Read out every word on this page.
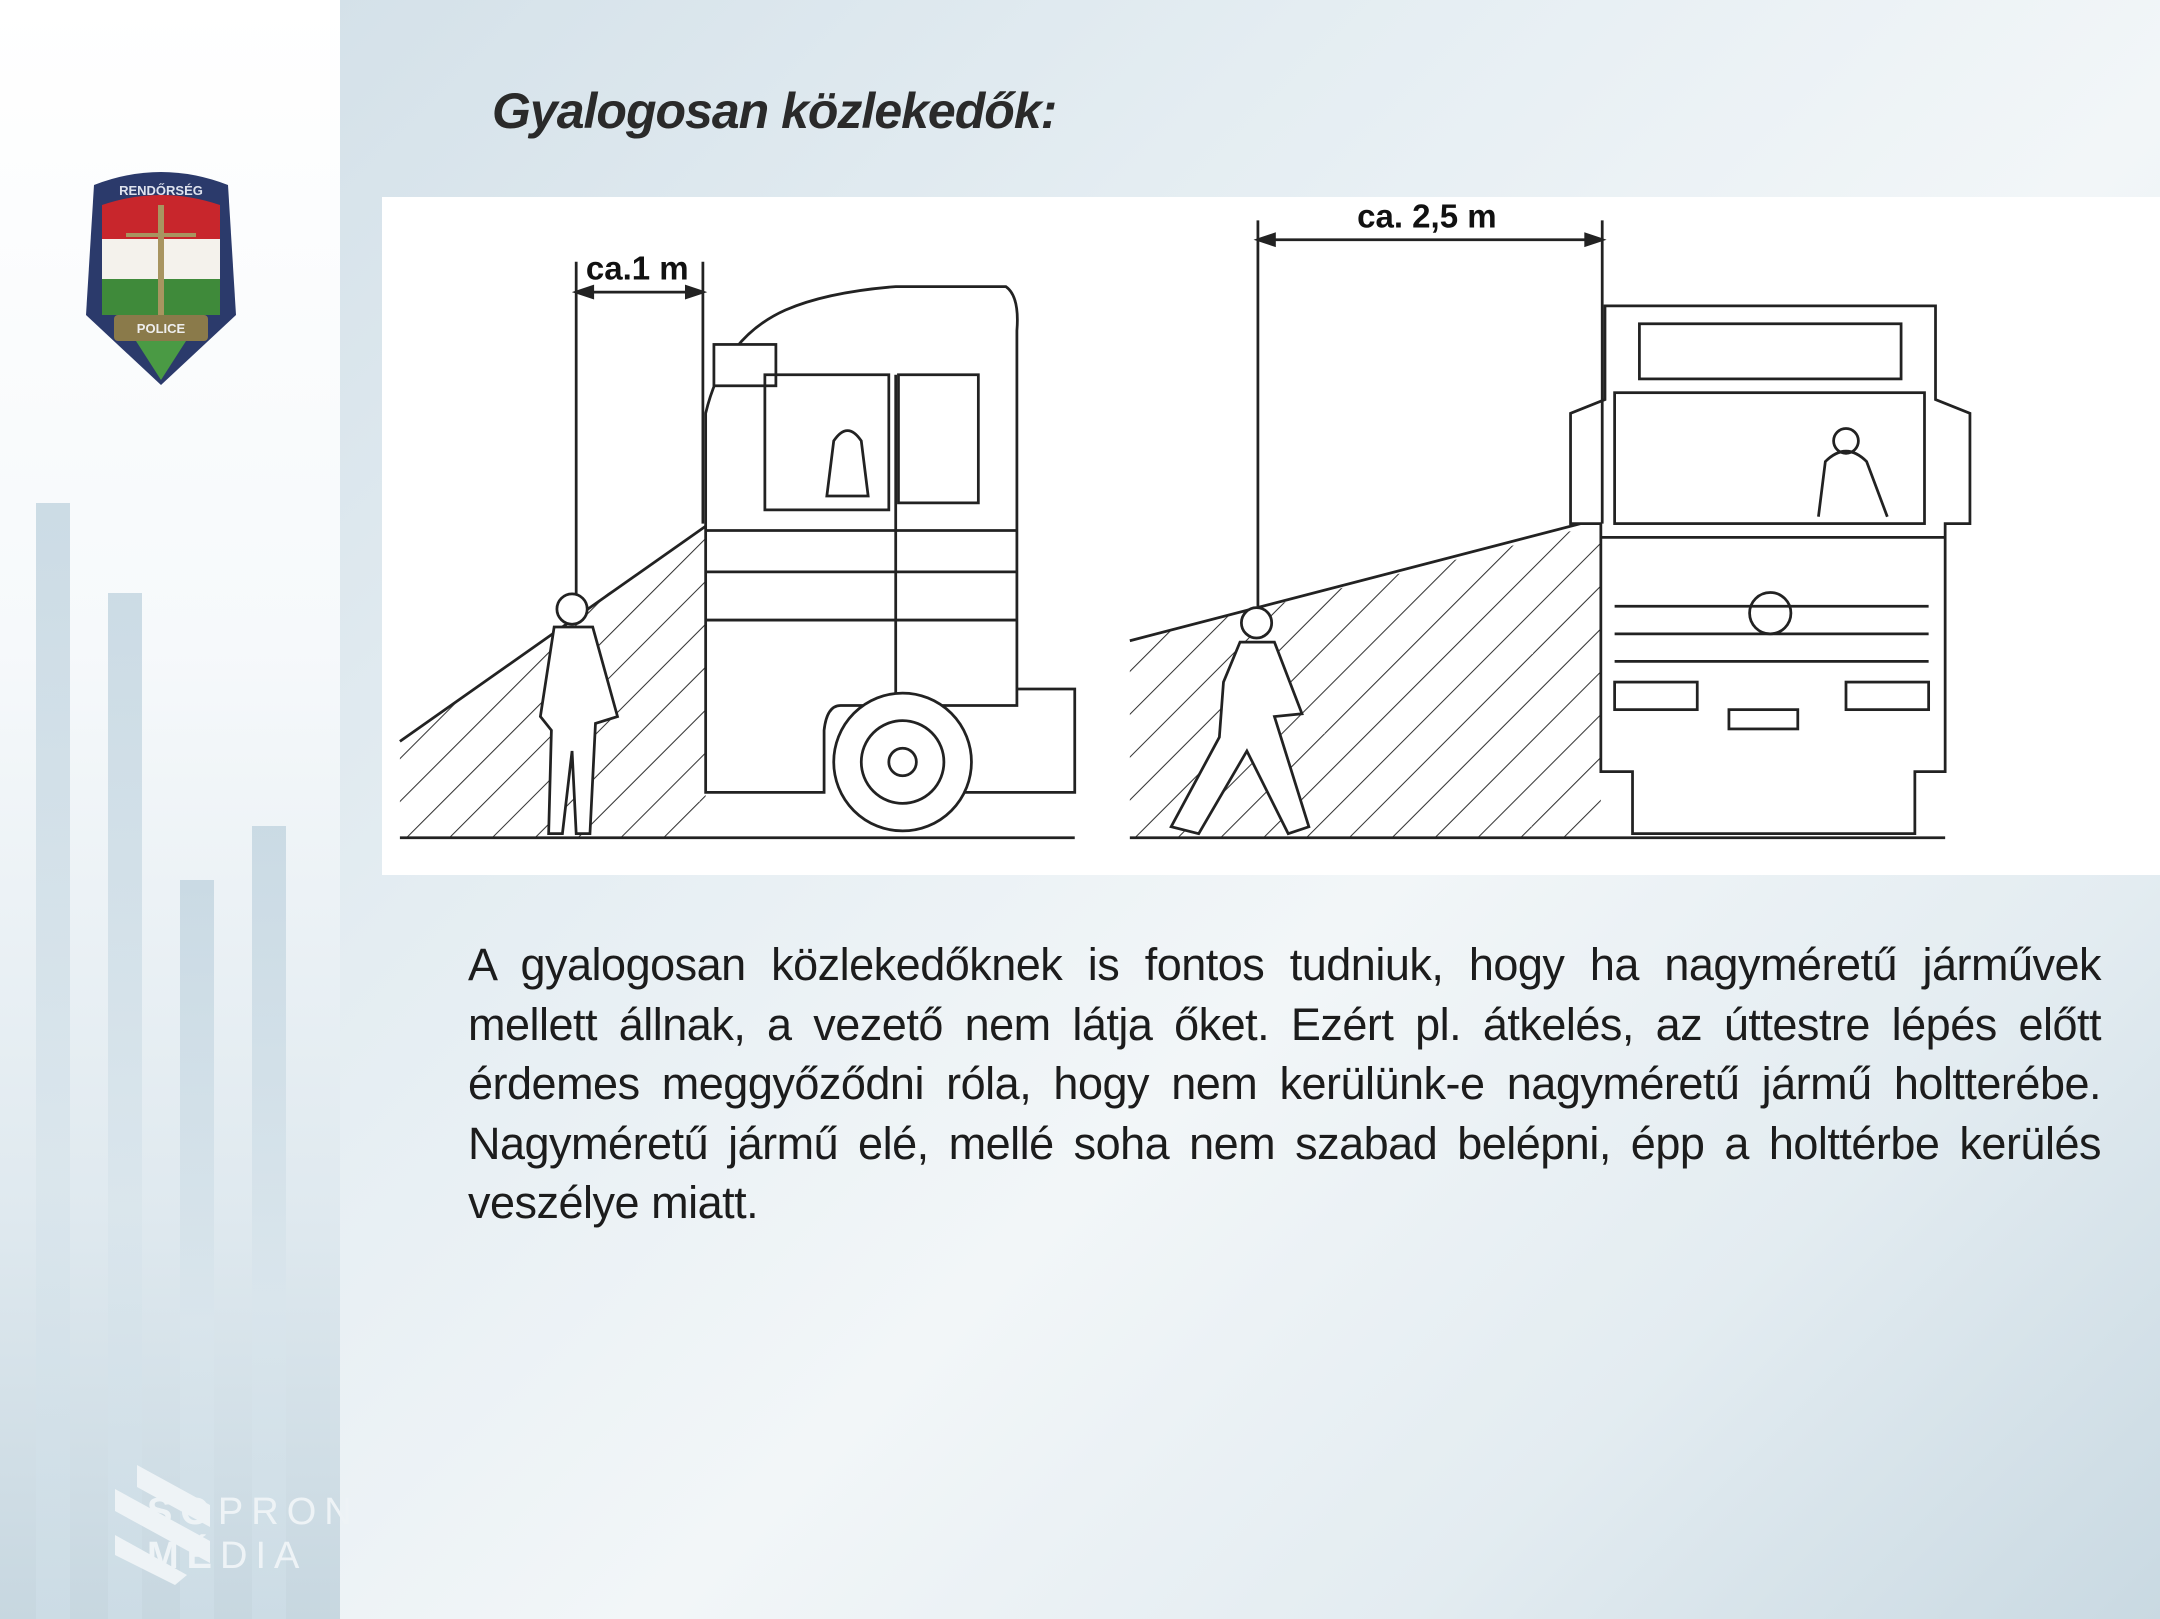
RENDŐRSÉG
POLICE
Gyalogosan közlekedők:
ca.1 m
ca. 2,5 m
A gyalogosan közlekedőknek is fontos tudniuk, hogy ha nagyméretű járművek mellett állnak, a vezető nem látja őket. Ezért pl. átkelés, az úttestre lépés előtt érdemes meggyőződni róla, hogy nem kerülünk-e nagyméretű jármű holtterébe. Nagyméretű jármű elé, mellé soha nem szabad belépni, épp a holttérbe kerülés veszélye miatt.
SOPRON
MÉDIA
